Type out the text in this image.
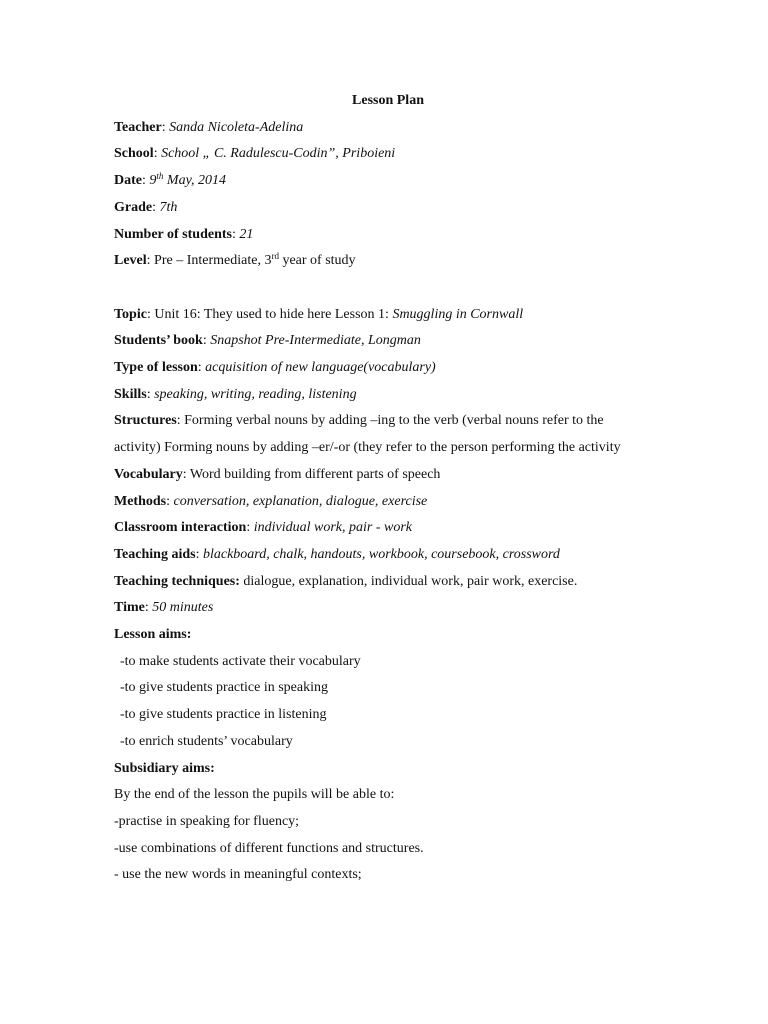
Lesson Plan

Teacher: Sanda Nicoleta-Adelina

School: School „ C. Radulescu-Codin”, Priboieni

Date: 9th May, 2014

Grade: 7th

Number of students: 21

Level: Pre – Intermediate, 3rd year of study

Topic: Unit 16: They used to hide here Lesson 1: Smuggling in Cornwall

Students’ book: Snapshot Pre-Intermediate, Longman

Type of lesson: acquisition of new language(vocabulary)

Skills: speaking, writing, reading, listening

Structures: Forming verbal nouns by adding –ing to the verb (verbal nouns refer to the activity) Forming nouns by adding –er/-or (they refer to the person performing the activity

Vocabulary: Word building from different parts of speech

Methods: conversation, explanation, dialogue, exercise

Classroom interaction: individual work, pair - work

Teaching aids: blackboard, chalk, handouts, workbook, coursebook, crossword

Teaching techniques: dialogue, explanation, individual work, pair work, exercise.

Time: 50 minutes

Lesson aims:

-to make students activate their vocabulary

-to give students practice in speaking

-to give students practice in listening

-to enrich students’ vocabulary

Subsidiary aims:

By the end of the lesson the pupils will be able to:

-practise in speaking for fluency;

-use combinations of different functions and structures.

- use the new words in meaningful contexts;
